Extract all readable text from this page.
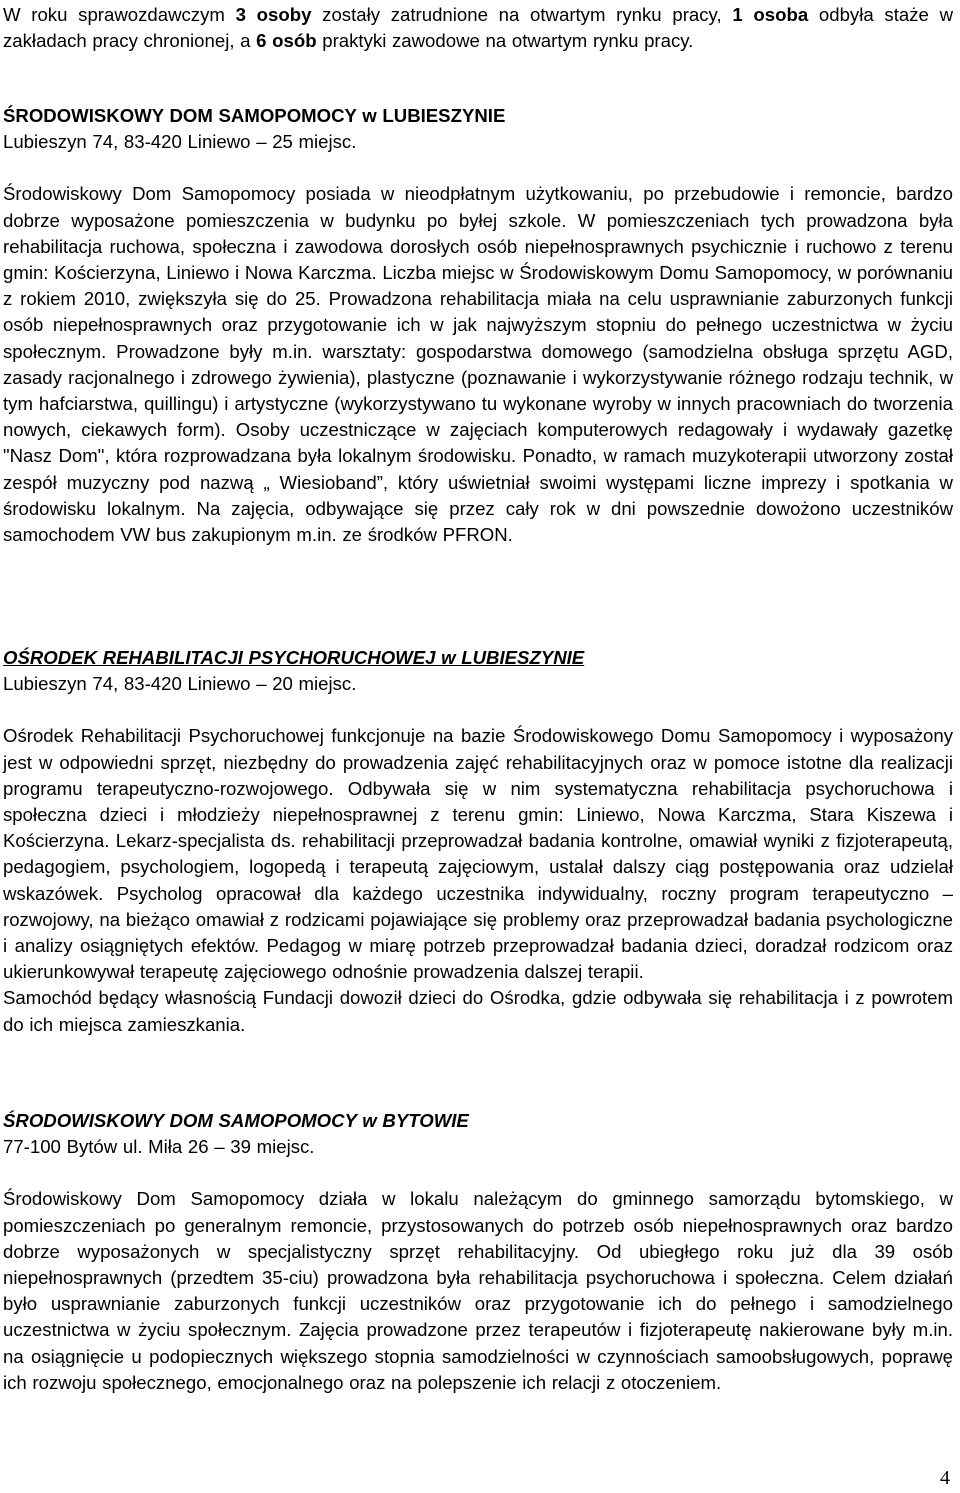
W roku sprawozdawczym 3 osoby zostały zatrudnione na otwartym rynku pracy, 1 osoba odbyła staże w zakładach pracy chronionej, a 6 osób praktyki zawodowe na otwartym rynku pracy.

ŚRODOWISKOWY DOM SAMOPOMOCY w LUBIESZYNIE
Lubieszyn 74, 83-420 Liniewo – 25 miejsc.

Środowiskowy Dom Samopomocy posiada w nieodpłatnym użytkowaniu, po przebudowie i remoncie, bardzo dobrze wyposażone pomieszczenia w budynku po byłej szkole. W pomieszczeniach tych prowadzona była rehabilitacja ruchowa, społeczna i zawodowa dorosłych osób niepełnosprawnych psychicznie i ruchowo z terenu gmin: Kościerzyna, Liniewo i Nowa Karczma. Liczba miejsc w Środowiskowym Domu Samopomocy, w porównaniu z rokiem 2010, zwiększyła się do 25. Prowadzona rehabilitacja miała na celu usprawnianie zaburzonych funkcji osób niepełnosprawnych oraz przygotowanie ich w jak najwyższym stopniu do pełnego uczestnictwa w życiu społecznym. Prowadzone były m.in. warsztaty: gospodarstwa domowego (samodzielna obsługa sprzętu AGD, zasady racjonalnego i zdrowego żywienia), plastyczne (poznawanie i wykorzystywanie różnego rodzaju technik, w tym hafciarstwa, quillingu) i artystyczne (wykorzystywano tu wykonane wyroby w innych pracowniach do tworzenia nowych, ciekawych form). Osoby uczestniczące w zajęciach komputerowych redagowały i wydawały gazetkę "Nasz Dom", która rozprowadzana była lokalnym środowisku. Ponadto, w ramach muzykoterapii utworzony został zespół muzyczny pod nazwą „ Wiesioband”, który uświetniał swoimi występami liczne imprezy i spotkania w środowisku lokalnym. Na zajęcia, odbywające się przez cały rok w dni powszednie dowożono uczestników samochodem VW bus zakupionym m.in. ze środków PFRON.

OŚRODEK REHABILITACJI PSYCHORUCHOWEJ w LUBIESZYNIE
Lubieszyn 74, 83-420 Liniewo – 20 miejsc.

Ośrodek Rehabilitacji Psychoruchowej funkcjonuje na bazie Środowiskowego Domu Samopomocy i wyposażony jest w odpowiedni sprzęt, niezbędny do prowadzenia zajęć rehabilitacyjnych oraz w pomoce istotne dla realizacji programu terapeutyczno-rozwojowego. Odbywała się w nim systematyczna rehabilitacja psychoruchowa i społeczna dzieci i młodzieży niepełnosprawnej z terenu gmin: Liniewo, Nowa Karczma, Stara Kiszewa i Kościerzyna. Lekarz-specjalista ds. rehabilitacji przeprowadzał badania kontrolne, omawiał wyniki z fizjoterapeutą, pedagogiem, psychologiem, logopedą i terapeutą zajęciowym, ustalał dalszy ciąg postępowania oraz udzielał wskazówek. Psycholog opracował dla każdego uczestnika indywidualny, roczny program terapeutyczno – rozwojowy, na bieżąco omawiał z rodzicami pojawiające się problemy oraz przeprowadzał badania psychologiczne i analizy osiągniętych efektów. Pedagog w miarę potrzeb przeprowadzał badania dzieci, doradzał rodzicom oraz ukierunkowywał terapeutę zajęciowego odnośnie prowadzenia dalszej terapii.

Samochód będący własnością Fundacji dowoził dzieci do Ośrodka, gdzie odbywała się rehabilitacja i z powrotem do ich miejsca zamieszkania.

ŚRODOWISKOWY DOM SAMOPOMOCY w BYTOWIE
77-100 Bytów ul. Miła 26 – 39 miejsc.

Środowiskowy Dom Samopomocy działa w lokalu należącym do gminnego samorządu bytomskiego, w pomieszczeniach po generalnym remoncie, przystosowanych do potrzeb osób niepełnosprawnych oraz bardzo dobrze wyposażonych w specjalistyczny sprzęt rehabilitacyjny. Od ubiegłego roku już dla 39 osób niepełnosprawnych (przedtem 35-ciu) prowadzona była rehabilitacja psychoruchowa i społeczna. Celem działań było usprawnianie zaburzonych funkcji uczestników oraz przygotowanie ich do pełnego i samodzielnego uczestnictwa w życiu społecznym. Zajęcia prowadzone przez terapeutów i fizjoterapeutę nakierowane były m.in. na osiągnięcie u podopiecznych większego stopnia samodzielności w czynnościach samoobsługowych, poprawę ich rozwoju społecznego, emocjonalnego oraz na polepszenie ich relacji z otoczeniem.

4
